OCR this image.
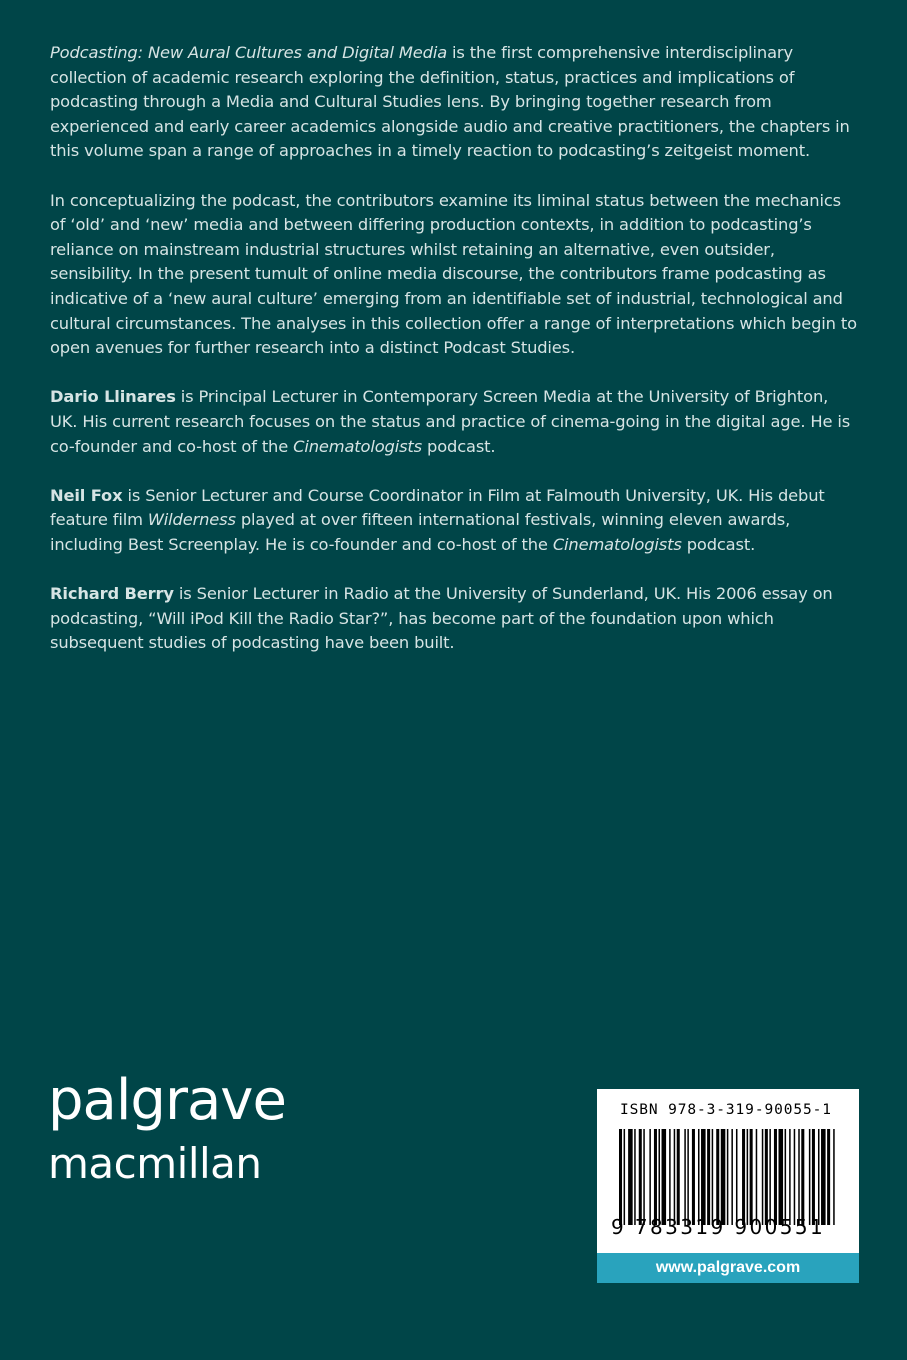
Podcasting: New Aural Cultures and Digital Media is the first comprehensive interdisciplinary collection of academic research exploring the definition, status, practices and implications of podcasting through a Media and Cultural Studies lens. By bringing together research from experienced and early career academics alongside audio and creative practitioners, the chapters in this volume span a range of approaches in a timely reaction to podcasting’s zeitgeist moment.

In conceptualizing the podcast, the contributors examine its liminal status between the mechanics of ‘old’ and ‘new’ media and between differing production contexts, in addition to podcasting’s reliance on mainstream industrial structures whilst retaining an alternative, even outsider, sensibility. In the present tumult of online media discourse, the contributors frame podcasting as indicative of a ‘new aural culture’ emerging from an identifiable set of industrial, technological and cultural circumstances. The analyses in this collection offer a range of interpretations which begin to open avenues for further research into a distinct Podcast Studies.

Dario Llinares is Principal Lecturer in Contemporary Screen Media at the University of Brighton, UK. His current research focuses on the status and practice of cinema-going in the digital age. He is co-founder and co-host of the Cinematologists podcast.

Neil Fox is Senior Lecturer and Course Coordinator in Film at Falmouth University, UK. His debut feature film Wilderness played at over fifteen international festivals, winning eleven awards, including Best Screenplay. He is co-founder and co-host of the Cinematologists podcast.

Richard Berry is Senior Lecturer in Radio at the University of Sunderland, UK. His 2006 essay on podcasting, “Will iPod Kill the Radio Star?”, has become part of the foundation upon which subsequent studies of podcasting have been built.

palgrave
macmillan
ISBN 978-3-319-90055-1
9 783319 900551
www.palgrave.com
